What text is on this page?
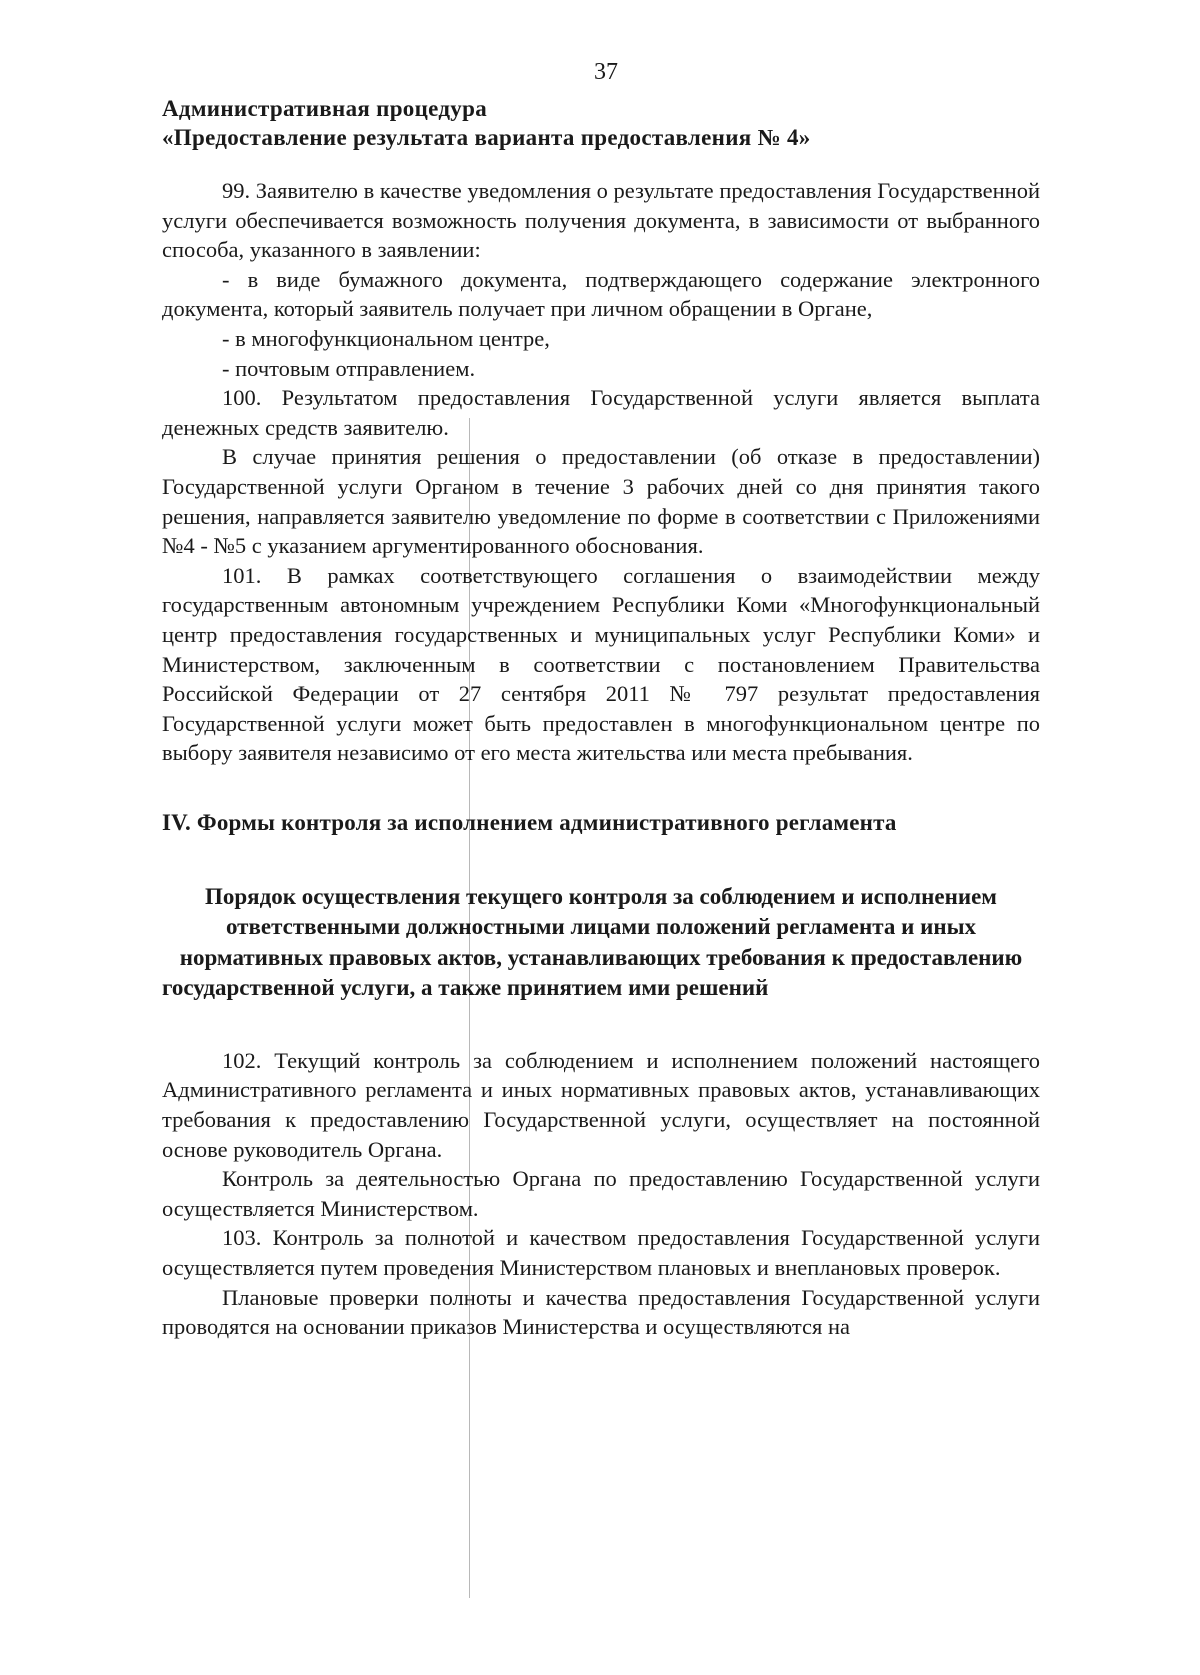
37

Административная процедура

«Предоставление результата варианта предоставления № 4»

99. Заявителю в качестве уведомления о результате предоставления Государственной услуги обеспечивается возможность получения документа, в зависимости от выбранного способа, указанного в заявлении:

- в виде бумажного документа, подтверждающего содержание электронного документа, который заявитель получает при личном обращении в Органе,

- в многофункциональном центре,

- почтовым отправлением.

100. Результатом предоставления Государственной услуги является выплата денежных средств заявителю.

В случае принятия решения о предоставлении (об отказе в предоставлении) Государственной услуги Органом в течение 3 рабочих дней со дня принятия такого решения, направляется заявителю уведомление по форме в соответствии с Приложениями №4 - №5 с указанием аргументированного обоснования.

101. В рамках соответствующего соглашения о взаимодействии между государственным автономным учреждением Республики Коми «Многофункциональный центр предоставления государственных и муниципальных услуг Республики Коми» и Министерством, заключенным в соответствии с постановлением Правительства Российской Федерации от 27 сентября 2011 № 797 результат предоставления Государственной услуги может быть предоставлен в многофункциональном центре по выбору заявителя независимо от его места жительства или места пребывания.

IV. Формы контроля за исполнением административного регламента

Порядок осуществления текущего контроля за соблюдением и исполнением ответственными должностными лицами положений регламента и иных нормативных правовых актов, устанавливающих требования к предоставлению государственной услуги, а также принятием ими решений

102. Текущий контроль за соблюдением и исполнением положений настоящего Административного регламента и иных нормативных правовых актов, устанавливающих требования к предоставлению Государственной услуги, осуществляет на постоянной основе руководитель Органа.

Контроль за деятельностью Органа по предоставлению Государственной услуги осуществляется Министерством.

103. Контроль за полнотой и качеством предоставления Государственной услуги осуществляется путем проведения Министерством плановых и внеплановых проверок.

Плановые проверки полноты и качества предоставления Государственной услуги проводятся на основании приказов Министерства и осуществляются на
